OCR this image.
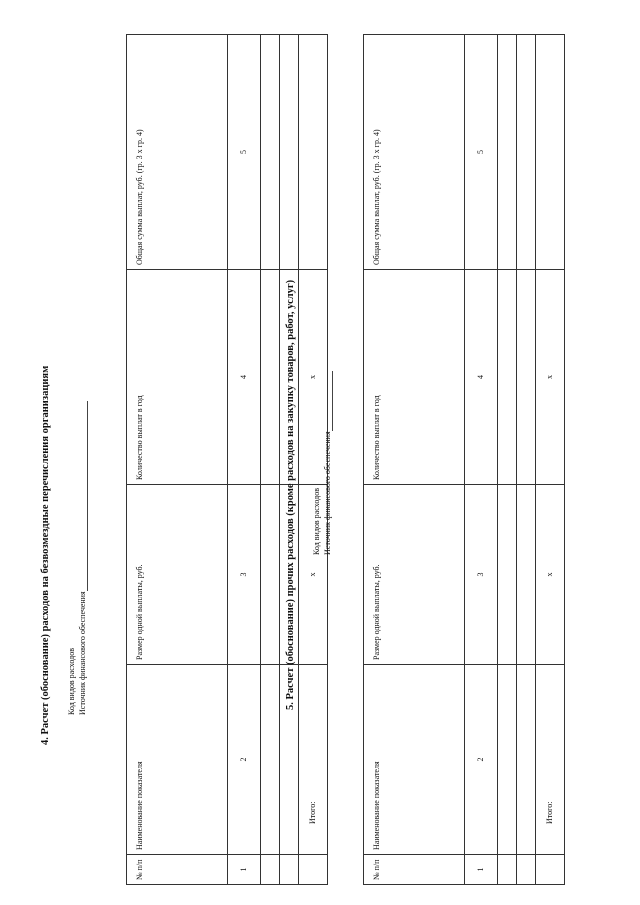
4. Расчет (обоснование) расходов на безвозмездные перечисления организациям	Код видов расходов Источник финансового обеспечения
№ п/п	Наименование показателя	Размер одной выплаты, руб.	Количество выплат в год	Общая сумма выплат, руб. (гр. 3 x гр. 4)
1	2	3	4	5

	Итого:	x	x	
5. Расчет (обоснование) прочих расходов (кроме расходов на закупку товаров, работ, услуг)	Код видов расходов Источник финансового обеспечения
№ п/п	Наименование показателя	Размер одной выплаты, руб.	Количество выплат в год	Общая сумма выплат, руб. (гр. 3 x гр. 4)
1	2	3	4	5

	Итого:	x	x	
